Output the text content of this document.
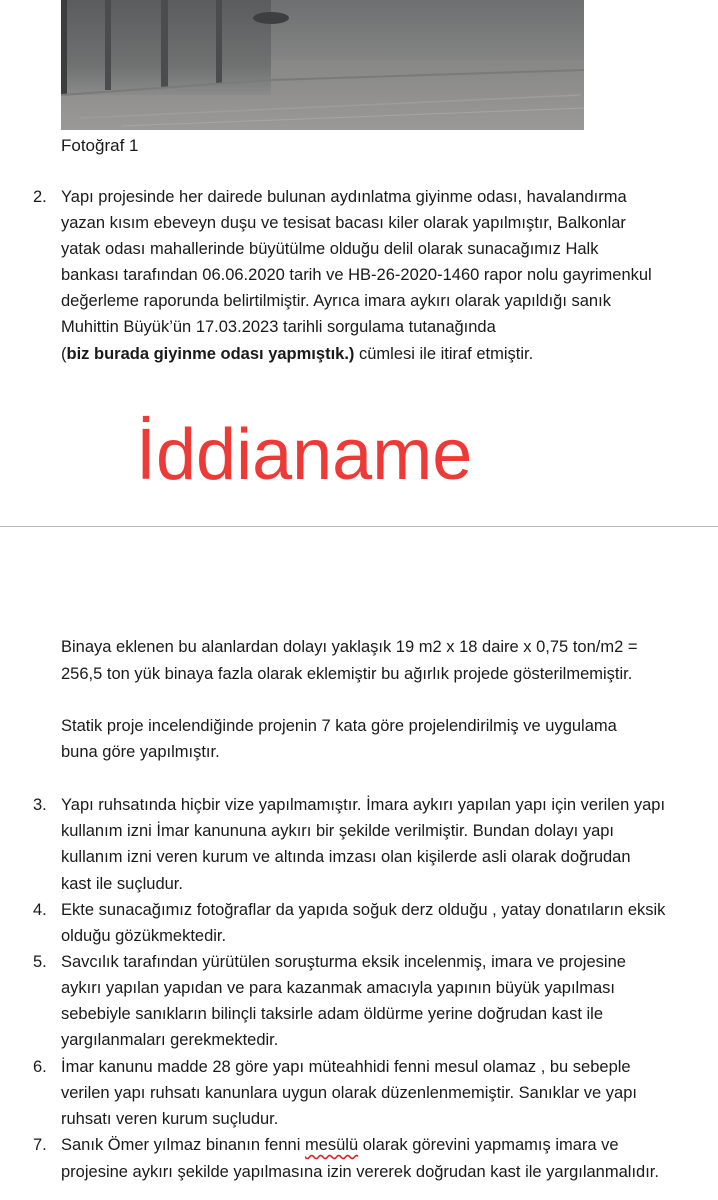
Fotoğraf 1
2. Yapı projesinde her dairede bulunan aydınlatma giyinme odası, havalandırma
yazan kısım ebeveyn duşu ve tesisat bacası kiler olarak yapılmıştır, Balkonlar
yatak odası mahallerinde büyütülme olduğu delil olarak sunacağımız Halk
bankası tarafından 06.06.2020 tarih ve HB-26-2020-1460 rapor nolu gayrimenkul
değerleme raporunda belirtilmiştir. Ayrıca imara aykırı olarak yapıldığı sanık
Muhittin Büyük’ün 17.03.2023 tarihli sorgulama tutanağında
(biz burada giyinme odası yapmıştık.) cümlesi ile itiraf etmiştir.
İddianame
Binaya eklenen bu alanlardan dolayı yaklaşık 19 m2 x 18 daire x 0,75 ton/m2 =
256,5 ton yük binaya fazla olarak eklemiştir bu ağırlık projede gösterilmemiştir.
Statik proje incelendiğinde projenin 7 kata göre projelendirilmiş ve uygulama
buna göre yapılmıştır.
3. Yapı ruhsatında hiçbir vize yapılmamıştır. İmara aykırı yapılan yapı için verilen yapı
kullanım izni İmar kanununa aykırı bir şekilde verilmiştir. Bundan dolayı yapı
kullanım izni veren kurum ve altında imzası olan kişilerde asli olarak doğrudan
kast ile suçludur.
4. Ekte sunacağımız fotoğraflar da yapıda soğuk derz olduğu , yatay donatıların eksik
olduğu gözükmektedir.
5. Savcılık tarafından yürütülen soruşturma eksik incelenmiş, imara ve projesine
aykırı yapılan yapıdan ve para kazanmak amacıyla yapının büyük yapılması
sebebiyle sanıkların bilinçli taksirle adam öldürme yerine doğrudan kast ile
yargılanmaları gerekmektedir.
6. İmar kanunu madde 28 göre yapı müteahhidi fenni mesul olamaz , bu sebeple
verilen yapı ruhsatı kanunlara uygun olarak düzenlenmemiştir. Sanıklar ve yapı
ruhsatı veren kurum suçludur.
7. Sanık Ömer yılmaz binanın fenni mesülü olarak görevini yapmamış imara ve
projesine aykırı şekilde yapılmasına izin vererek doğrudan kast ile yargılanmalıdır.
